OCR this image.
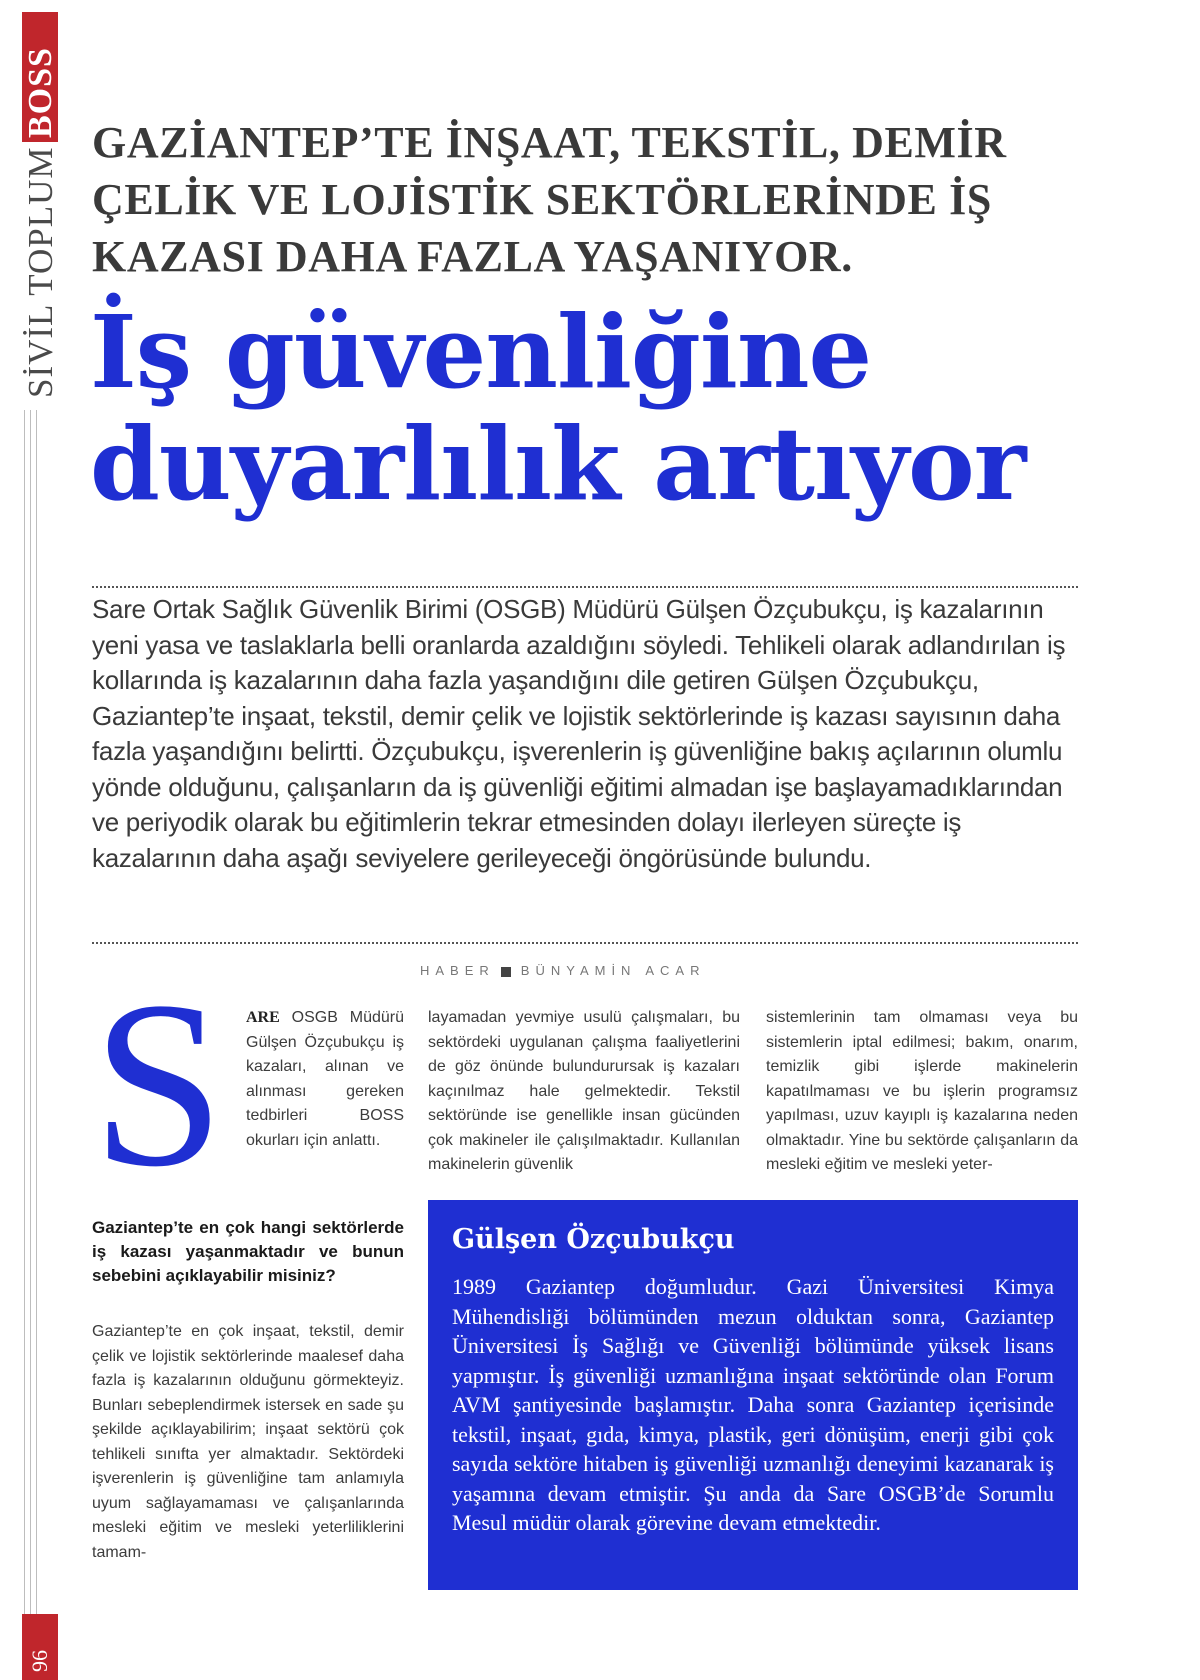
BOSS
SİVİL TOPLUM
96
GAZİANTEP’TE İNŞAAT, TEKSTİL, DEMİR ÇELİK VE LOJİSTİK SEKTÖRLERİNDE İŞ KAZASI DAHA FAZLA YAŞANIYOR.
İş güvenliğine duyarlılık artıyor

Sare Ortak Sağlık Güvenlik Birimi (OSGB) Müdürü Gülşen Özçubukçu, iş kazalarının yeni yasa ve taslaklarla belli oranlarda azaldığını söyledi. Tehlikeli olarak adlandırılan iş kollarında iş kazalarının daha fazla yaşandığını dile getiren Gülşen Özçubukçu, Gaziantep’te inşaat, tekstil, demir çelik ve lojistik sektörlerinde iş kazası sayısının daha fazla yaşandığını belirtti. Özçubukçu, işverenlerin iş güvenliğine bakış açılarının olumlu yönde olduğunu, çalışanların da iş güvenliği eğitimi almadan işe başlayamadıklarından ve periyodik olarak bu eğitimlerin tekrar etmesinden dolayı ilerleyen süreçte iş kazalarının daha aşağı seviyelere gerileyeceği öngörüsünde bulundu.

HABER BÜNYAMİN ACAR
S ARE OSGB Müdürü Gülşen Özçubukçu iş kazaları, alınan ve alınması gereken tedbirleri BOSS okurları için anlattı.

layamadan yevmiye usulü çalışmaları, bu sektördeki uygulanan çalışma faaliyetlerini de göz önünde bulundurursak iş kazaları kaçınılmaz hale gelmektedir. Tekstil sektöründe ise genellikle insan gücünden çok makineler ile çalışılmaktadır. Kullanılan makinelerin güvenlik

sistemlerinin tam olmaması veya bu sistemlerin iptal edilmesi; bakım, onarım, temizlik gibi işlerde makinelerin kapatılmaması ve bu işlerin programsız yapılması, uzuv kayıplı iş kazalarına neden olmaktadır. Yine bu sektörde çalışanların da mesleki eğitim ve mesleki yeter-

Gaziantep’te en çok hangi sektörlerde iş kazası yaşanmaktadır ve bunun sebebini açıklayabilir misiniz?

Gaziantep’te en çok inşaat, tekstil, demir çelik ve lojistik sektörlerinde maalesef daha fazla iş kazalarının olduğunu görmekteyiz. Bunları sebeplendirmek istersek en sade şu şekilde açıklayabilirim; inşaat sektörü çok tehlikeli sınıfta yer almaktadır. Sektördeki işverenlerin iş güvenliğine tam anlamıyla uyum sağlayamaması ve çalışanlarında mesleki eğitim ve mesleki yeterliliklerini tamam-

Gülşen Özçubukçu

1989 Gaziantep doğumludur. Gazi Üniversitesi Kimya Mühendisliği bölümünden mezun olduktan sonra, Gaziantep Üniversitesi İş Sağlığı ve Güvenliği bölümünde yüksek lisans yapmıştır. İş güvenliği uzmanlığına inşaat sektöründe olan Forum AVM şantiyesinde başlamıştır. Daha sonra Gaziantep içerisinde tekstil, inşaat, gıda, kimya, plastik, geri dönüşüm, enerji gibi çok sayıda sektöre hitaben iş güvenliği uzmanlığı deneyimi kazanarak iş yaşamına devam etmiştir. Şu anda da Sare OSGB’de Sorumlu Mesul müdür olarak görevine devam etmektedir.
